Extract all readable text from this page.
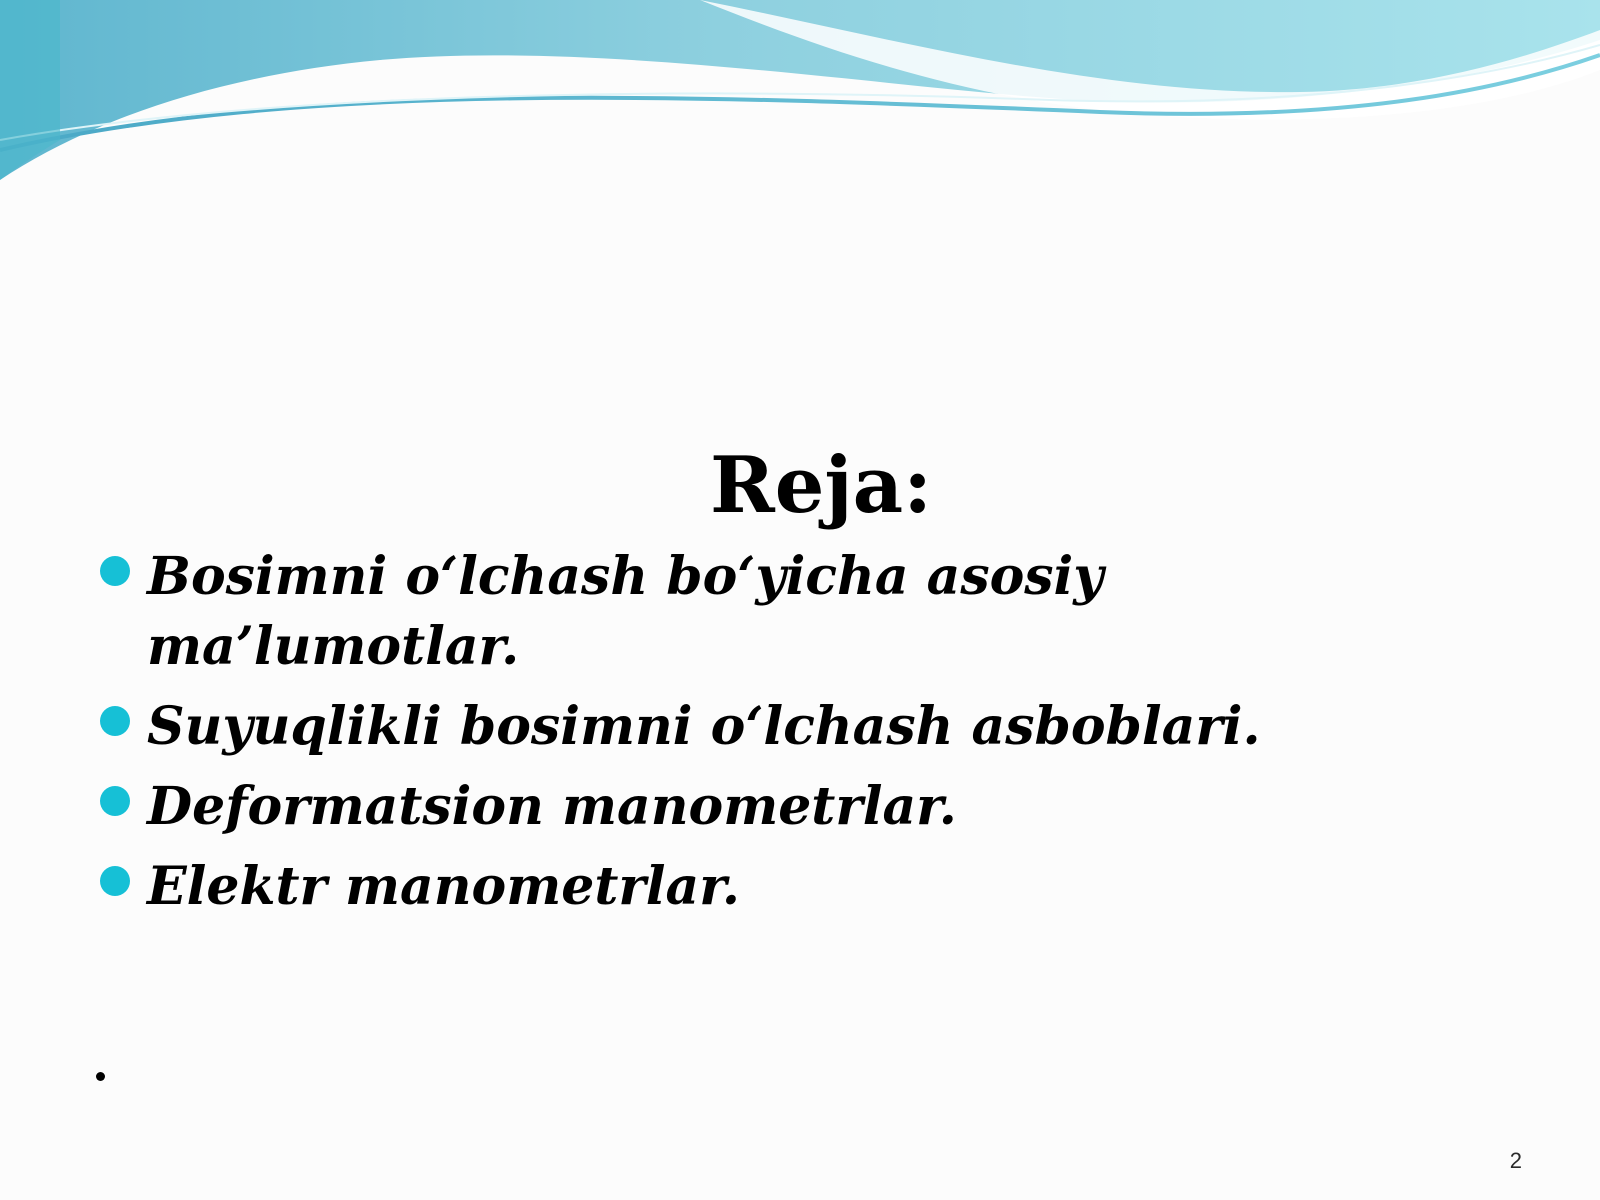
Reja:
Bosimni o‘lchash bo‘yicha asosiy ma’lumotlar.
Suyuqlikli bosimni o‘lchash asboblari.
Deformatsion manometrlar.
Elektr manometrlar.
2
